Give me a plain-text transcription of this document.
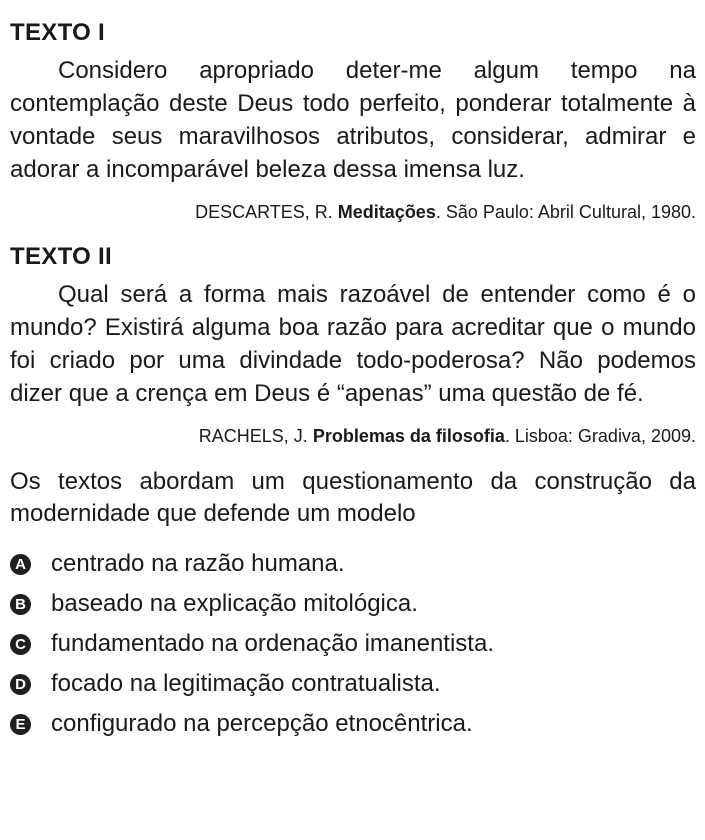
TEXTO I

Considero apropriado deter-me algum tempo na contemplação deste Deus todo perfeito, ponderar totalmente à vontade seus maravilhosos atributos, considerar, admirar e adorar a incomparável beleza dessa imensa luz.

DESCARTES, R. Meditações. São Paulo: Abril Cultural, 1980.
TEXTO II

Qual será a forma mais razoável de entender como é o mundo? Existirá alguma boa razão para acreditar que o mundo foi criado por uma divindade todo-poderosa? Não podemos dizer que a crença em Deus é “apenas” uma questão de fé.

RACHELS, J. Problemas da filosofia. Lisboa: Gradiva, 2009.

Os textos abordam um questionamento da construção da modernidade que defende um modelo

A centrado na razão humana.
B baseado na explicação mitológica.
C fundamentado na ordenação imanentista.
D focado na legitimação contratualista.
E configurado na percepção etnocêntrica.
